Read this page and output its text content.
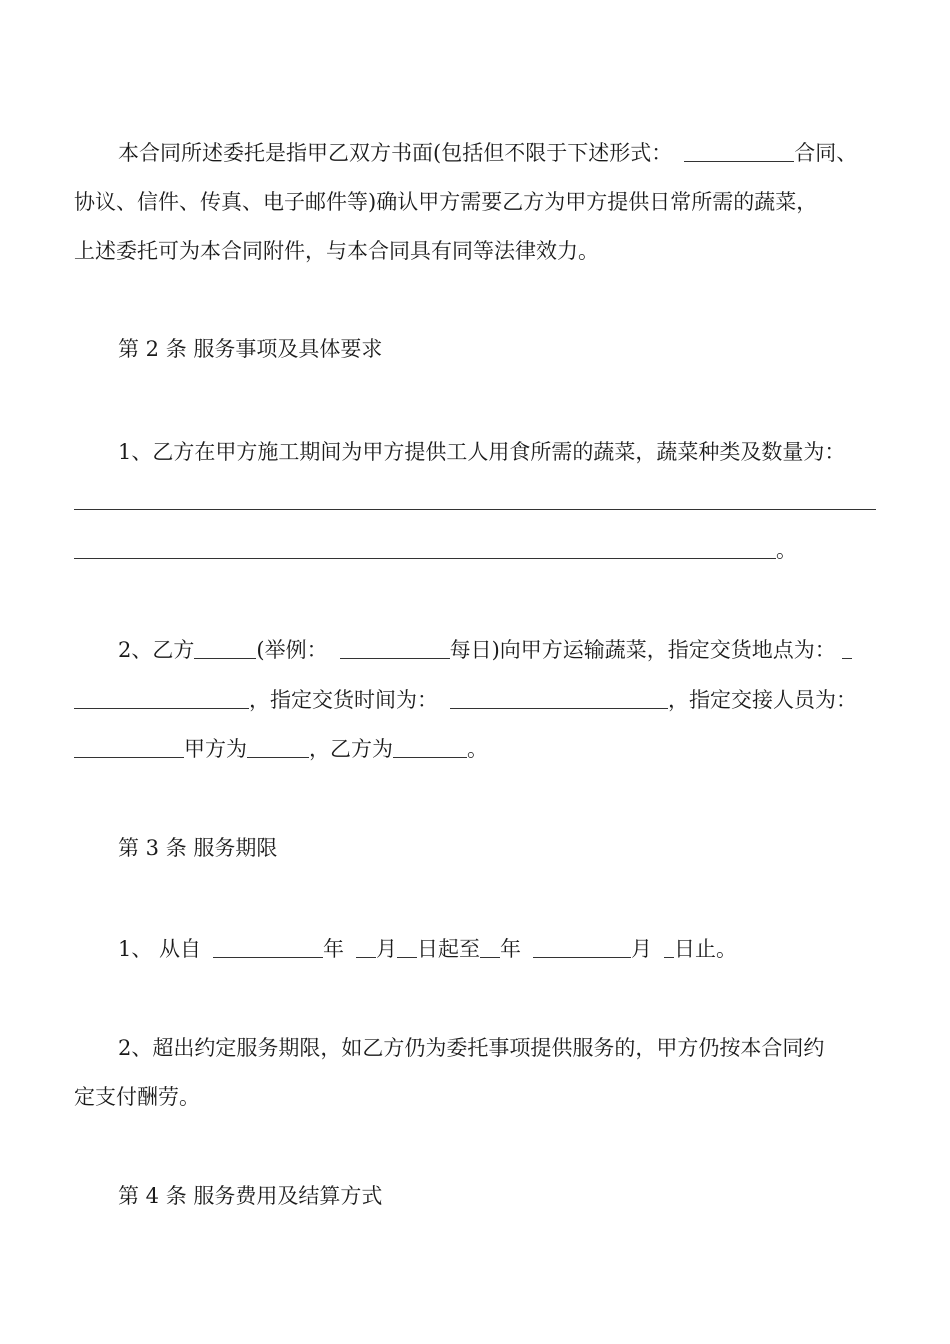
本合同所述委托是指甲乙双方书面(包括但不限于下述形式：	合同、
协议、信件、传真、电子邮件等)确认甲方需要乙方为甲方提供日常所需的蔬菜，
上述委托可为本合同附件，与本合同具有同等法律效力。
第 2 条 服务事项及具体要求
1、乙方在甲方施工期间为甲方提供工人用食所需的蔬菜，蔬菜种类及数量为：
。
2、乙方	(举例：	每日)向甲方运输蔬菜，指定交货地点为：
，指定交货时间为：	，指定交接人员为：
甲方为	，乙方为	。
第 3 条 服务期限
1、 从自	年 月 日起至 年	月 日止。
2、超出约定服务期限，如乙方仍为委托事项提供服务的，甲方仍按本合同约
定支付酬劳。
第 4 条 服务费用及结算方式
